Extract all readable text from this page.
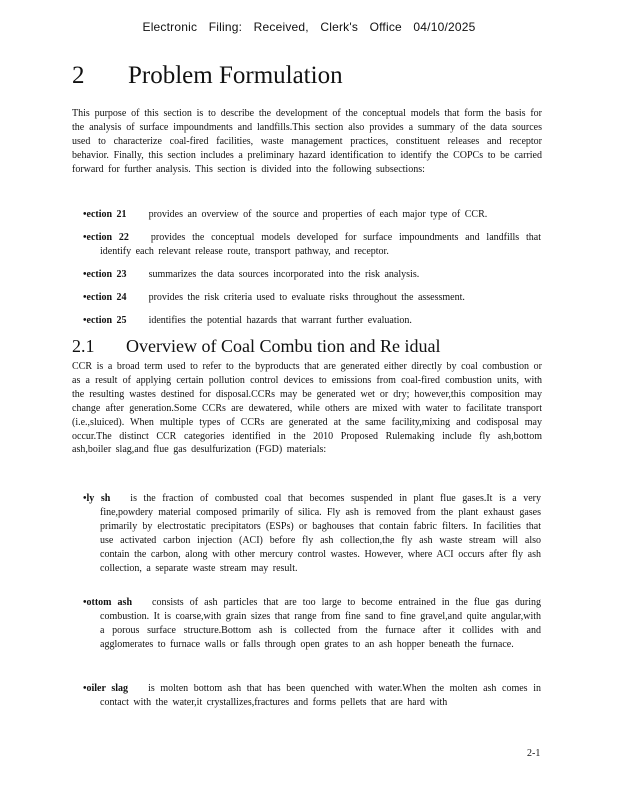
Electronic Filing: Received, Clerk's Office 04/10/2025
2 Problem Formulation

This purpose of this section is to describe the development of the conceptual models that form the basis for the analysis of surface impoundments and landfills.This section also provides a summary of the data sources used to characterize coal-fired facilities, waste management practices, constituent releases and receptor behavior. Finally, this section includes a preliminary hazard identification to identify the COPCs to be carried forward for further analysis. This section is divided into the following subsections:

•ection 21 provides an overview of the source and properties of each major type of CCR.

•ection 22 provides the conceptual models developed for surface impoundments and landfills that identify each relevant release route, transport pathway, and receptor.

•ection 23 summarizes the data sources incorporated into the risk analysis.

•ection 24 provides the risk criteria used to evaluate risks throughout the assessment.

•ection 25 identifies the potential hazards that warrant further evaluation.

2.1 Overview of Coal Combu tion and Re idual

CCR is a broad term used to refer to the byproducts that are generated either directly by coal combustion or as a result of applying certain pollution control devices to emissions from coal-fired combustion units, with the resulting wastes destined for disposal.CCRs may be generated wet or dry; however,this composition may change after generation.Some CCRs are dewatered, while others are mixed with water to facilitate transport (i.e.,sluiced). When multiple types of CCRs are generated at the same facility,mixing and codisposal may occur.The distinct CCR categories identified in the 2010 Proposed Rulemaking include fly ash,bottom ash,boiler slag,and flue gas desulfurization (FGD) materials:

•ly sh is the fraction of combusted coal that becomes suspended in plant flue gases.It is a very fine,powdery material composed primarily of silica. Fly ash is removed from the plant exhaust gases primarily by electrostatic precipitators (ESPs) or baghouses that contain fabric filters. In facilities that use activated carbon injection (ACI) before fly ash collection,the fly ash waste stream will also contain the carbon, along with other mercury control wastes. However, where ACI occurs after fly ash collection, a separate waste stream may result.

•ottom ash consists of ash particles that are too large to become entrained in the flue gas during combustion. It is coarse,with grain sizes that range from fine sand to fine gravel,and quite angular,with a porous surface structure.Bottom ash is collected from the furnace after it collides with and agglomerates to furnace walls or falls through open grates to an ash hopper beneath the furnace.

•oiler slag is molten bottom ash that has been quenched with water.When the molten ash comes in contact with the water,it crystallizes,fractures and forms pellets that are hard with

2-1
